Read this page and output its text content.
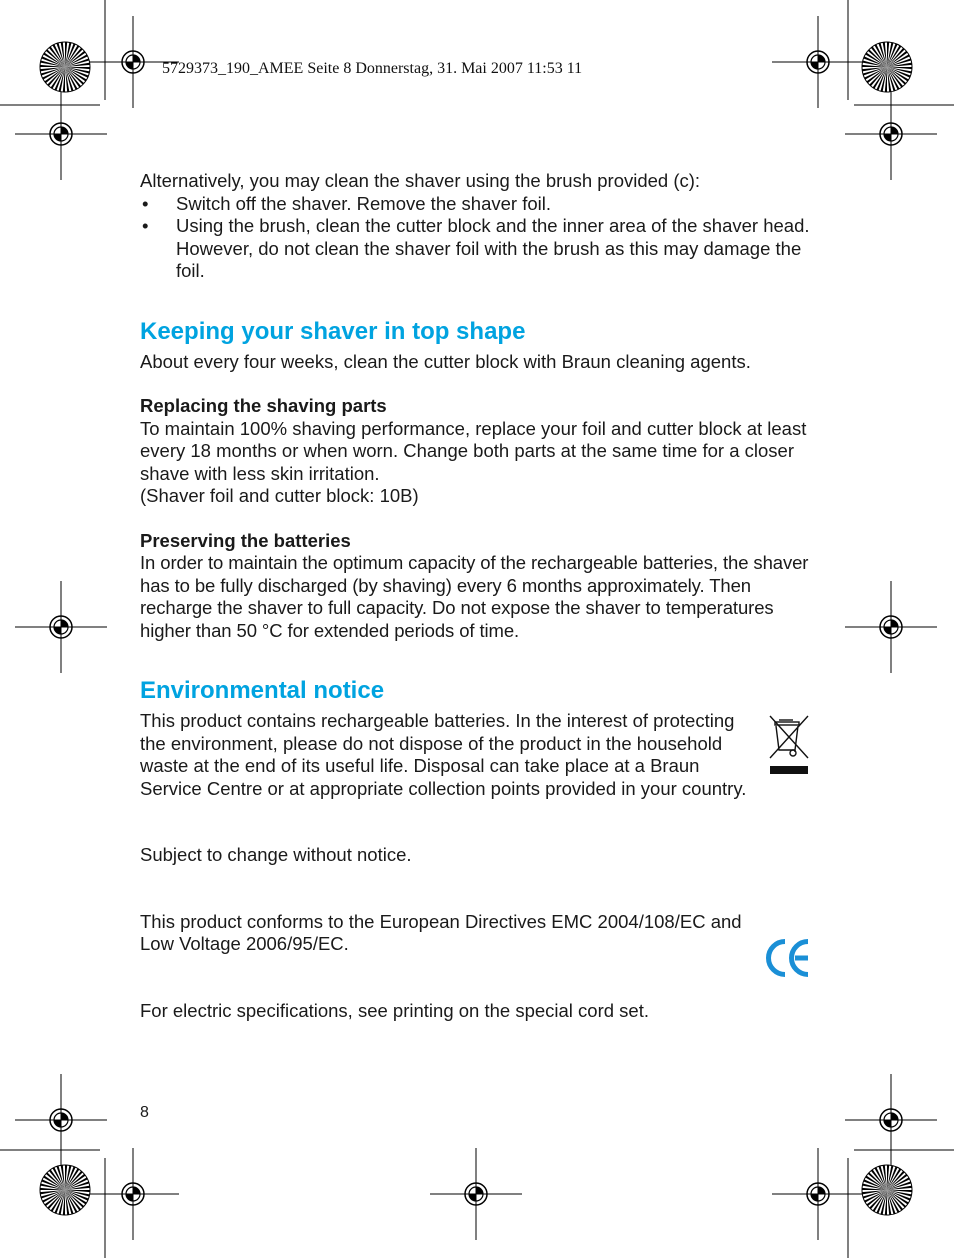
5729373_190_AMEE Seite 8 Donnerstag, 31. Mai 2007 11:53 11

Alternatively, you may clean the shaver using the brush provided (c):

• Switch off the shaver. Remove the shaver foil.
• Using the brush, clean the cutter block and the inner area of the shaver head. However, do not clean the shaver foil with the brush as this may damage the foil.
Keeping your shaver in top shape

About every four weeks, clean the cutter block with Braun cleaning agents.

Replacing the shaving parts

To maintain 100% shaving performance, replace your foil and cutter block at least every 18 months or when worn. Change both parts at the same time for a closer shave with less skin irritation.

(Shaver foil and cutter block: 10B)

Preserving the batteries

In order to maintain the optimum capacity of the rechargeable batteries, the shaver has to be fully discharged (by shaving) every 6 months approximately. Then recharge the shaver to full capacity. Do not expose the shaver to temperatures higher than 50 °C for extended periods of time.

Environmental notice

This product contains rechargeable batteries. In the interest of protecting the environment, please do not dispose of the product in the household waste at the end of its useful life. Disposal can take place at a Braun Service Centre or at appropriate collection points provided in your country.

Subject to change without notice.

This product conforms to the European Directives EMC 2004/108/EC and Low Voltage 2006/95/EC.

For electric specifications, see printing on the special cord set.

8
